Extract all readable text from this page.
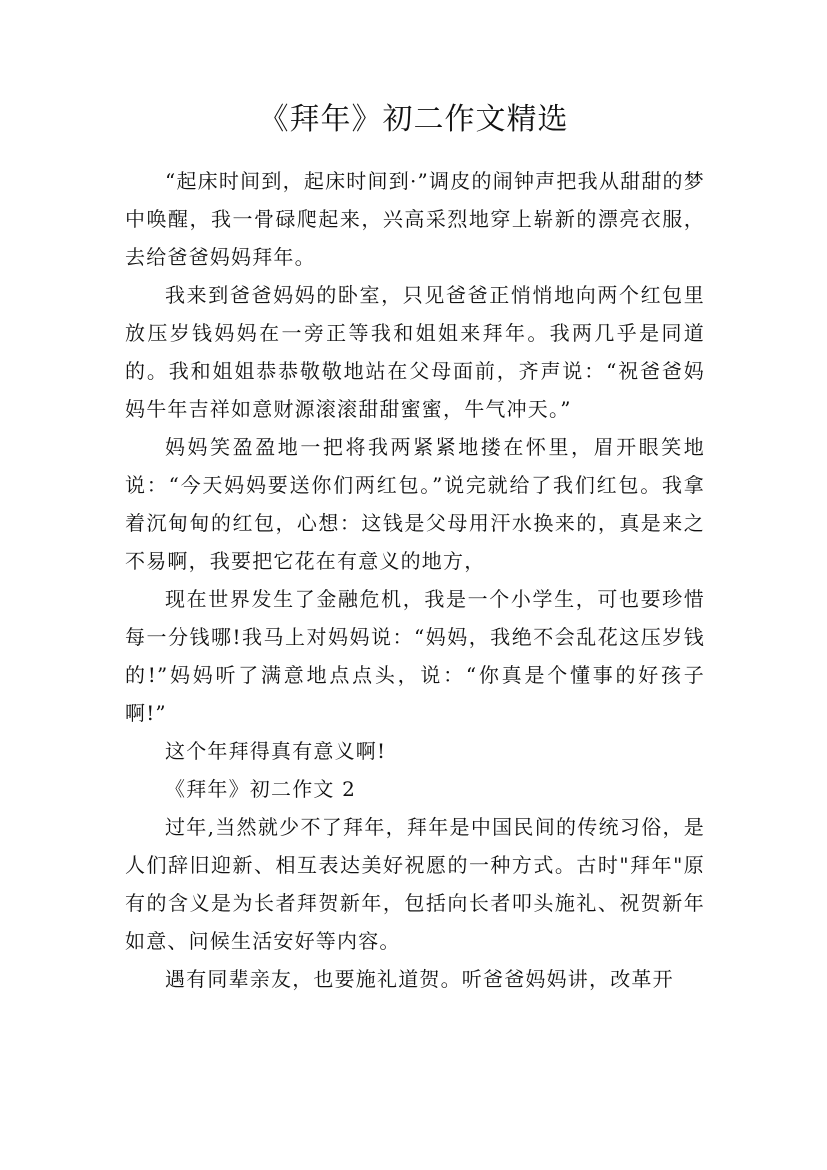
《拜年》初二作文精选

“起床时间到，起床时间到·”调皮的闹钟声把我从甜甜的梦中唤醒，我一骨碌爬起来，兴高采烈地穿上崭新的漂亮衣服，去给爸爸妈妈拜年。

我来到爸爸妈妈的卧室，只见爸爸正悄悄地向两个红包里放压岁钱妈妈在一旁正等我和姐姐来拜年。我两几乎是同道的。我和姐姐恭恭敬敬地站在父母面前，齐声说：“祝爸爸妈妈牛年吉祥如意财源滚滚甜甜蜜蜜，牛气冲天。”

妈妈笑盈盈地一把将我两紧紧地搂在怀里，眉开眼笑地说：“今天妈妈要送你们两红包。”说完就给了我们红包。我拿着沉甸甸的红包，心想：这钱是父母用汗水换来的，真是来之不易啊，我要把它花在有意义的地方，

现在世界发生了金融危机，我是一个小学生，可也要珍惜每一分钱哪!我马上对妈妈说：“妈妈，我绝不会乱花这压岁钱的!”妈妈听了满意地点点头，说：“你真是个懂事的好孩子啊!”

这个年拜得真有意义啊!

《拜年》初二作文 2

过年,当然就少不了拜年，拜年是中国民间的传统习俗，是人们辞旧迎新、相互表达美好祝愿的一种方式。古时"拜年"原有的含义是为长者拜贺新年，包括向长者叩头施礼、祝贺新年如意、问候生活安好等内容。

遇有同辈亲友，也要施礼道贺。听爸爸妈妈讲，改革开
